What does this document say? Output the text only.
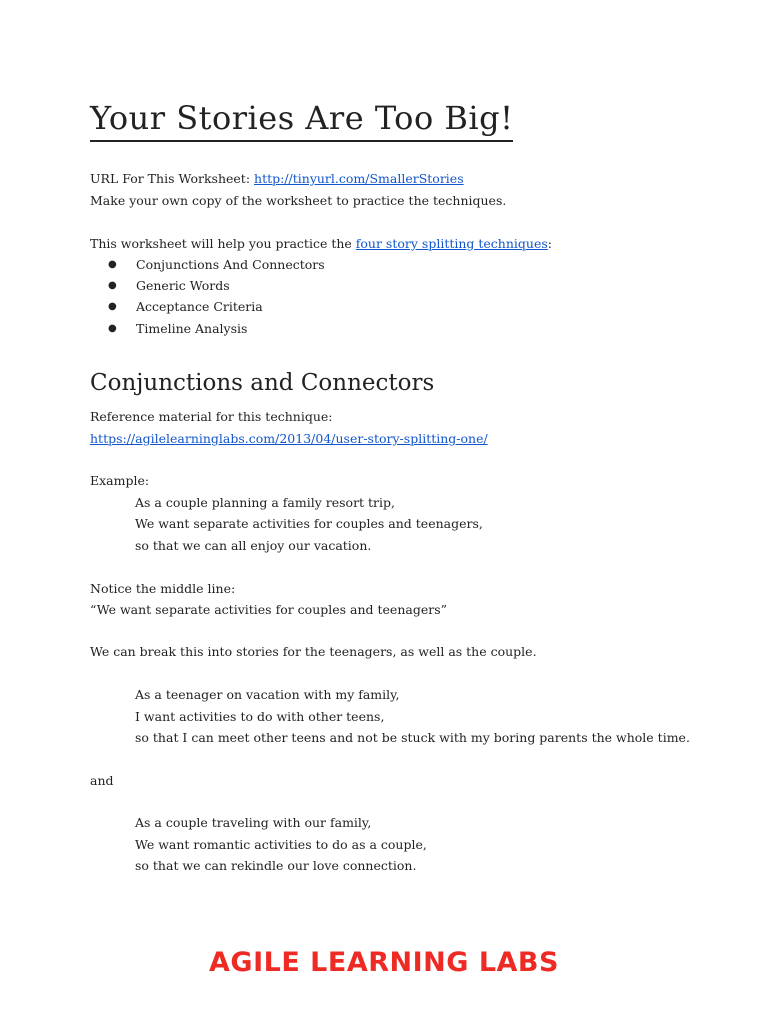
Your Stories Are Too Big!
URL For This Worksheet: http://tinyurl.com/SmallerStories
Make your own copy of the worksheet to practice the techniques.
This worksheet will help you practice the four story splitting techniques:
● Conjunctions And Connectors
● Generic Words
● Acceptance Criteria
● Timeline Analysis
Conjunctions and Connectors
Reference material for this technique:
https://agilelearninglabs.com/2013/04/user-story-splitting-one/
Example:
As a couple planning a family resort trip,
We want separate activities for couples and teenagers,
so that we can all enjoy our vacation.
Notice the middle line:
“We want separate activities for couples and teenagers”
We can break this into stories for the teenagers, as well as the couple.
As a teenager on vacation with my family,
I want activities to do with other teens,
so that I can meet other teens and not be stuck with my boring parents the whole time.
and
As a couple traveling with our family,
We want romantic activities to do as a couple,
so that we can rekindle our love connection.
AGILE LEARNING LABS
